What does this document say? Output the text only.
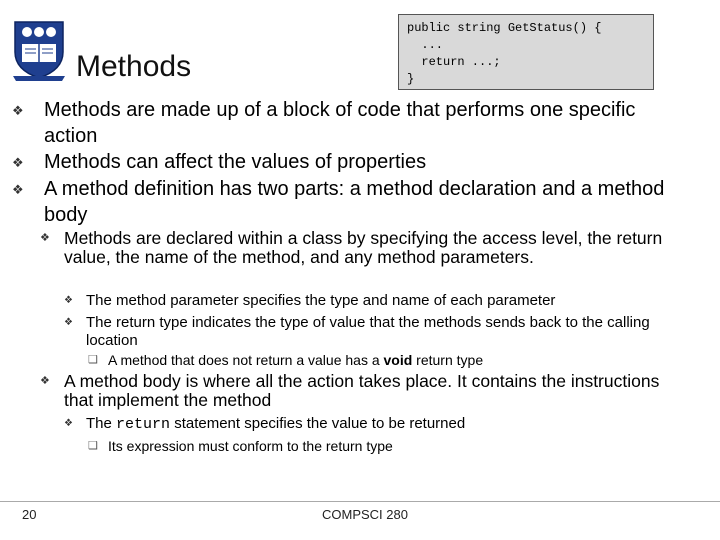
Methods
public string GetStatus() {
...
return ...;
}
❖	Methods are made up of a block of code that performs one specific action
❖	Methods can affect the values of properties
❖	A method definition has two parts: a method declaration and a method body
❖ Methods are declared within a class by specifying the access level, the return value, the name of the method, and any method parameters.
❖ The method parameter specifies the type and name of each parameter
❖ The return type indicates the type of value that the methods sends back to the calling location
❑ A method that does not return a value has a void return type
❖ A method body is where all the action takes place. It contains the instructions that implement the method
❖ The return statement specifies the value to be returned
❑ Its expression must conform to the return type
20	COMPSCI 280
